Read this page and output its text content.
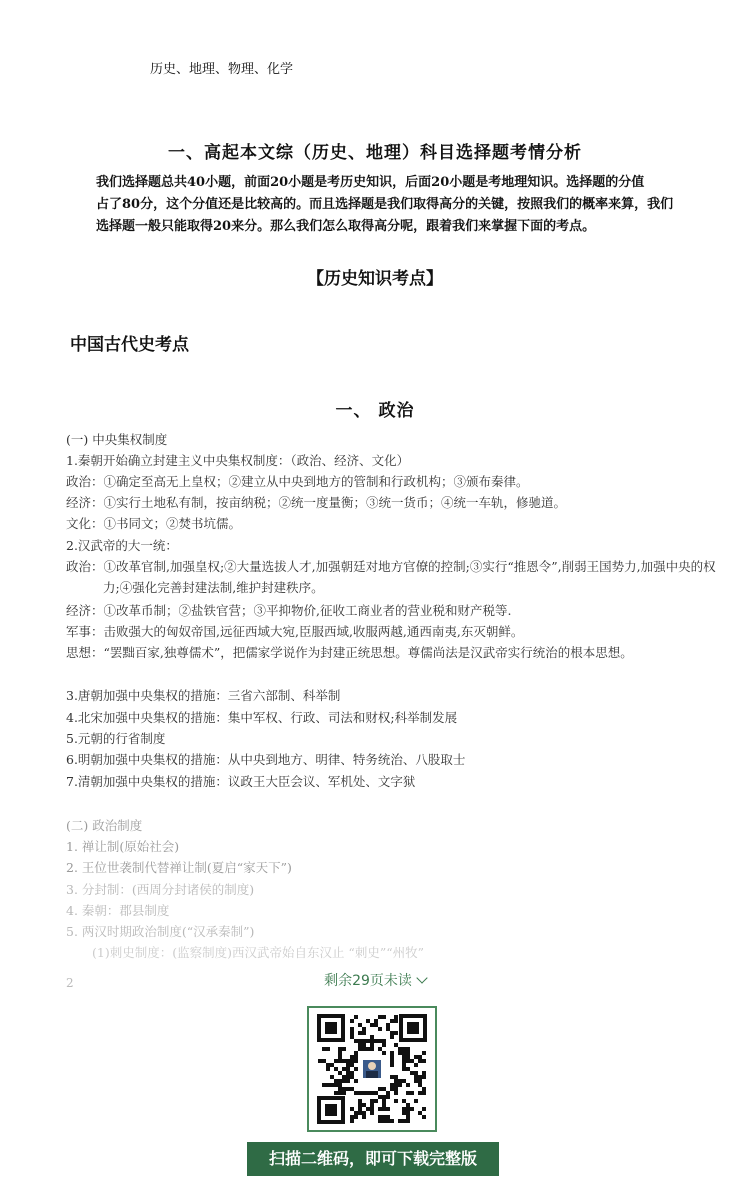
历史、地理、物理、化学
一、高起本文综（历史、地理）科目选择题考情分析

我们选择题总共40小题，前面20小题是考历史知识，后面20小题是考地理知识。选择题的分值

占了80分，这个分值还是比较高的。而且选择题是我们取得高分的关键，按照我们的概率来算，我们

选择题一般只能取得20来分。那么我们怎么取得高分呢，跟着我们来掌握下面的考点。

【历史知识考点】
中国古代史考点
一、 政治
(一) 中央集权制度
1.秦朝开始确立封建主义中央集权制度：（政治、经济、文化）
政治：①确定至高无上皇权；②建立从中央到地方的管制和行政机构；③颁布秦律。
经济：①实行土地私有制，按亩纳税；②统一度量衡；③统一货币；④统一车轨，修驰道。
文化：①书同文；②焚书坑儒。
2.汉武帝的大一统：
政治：①改革官制,加强皇权;②大量选拔人才,加强朝廷对地方官僚的控制;③实行“推恩令”,削弱王国势力,加强中央的权力;④强化完善封建法制,维护封建秩序。
经济：①改革币制；②盐铁官营；③平抑物价,征收工商业者的营业税和财产税等.
军事：击败强大的匈奴帝国,远征西域大宛,臣服西域,收服两越,通西南夷,东灭朝鲜。
思想：“罢黜百家,独尊儒术”，把儒家学说作为封建正统思想。尊儒尚法是汉武帝实行统治的根本思想。
3.唐朝加强中央集权的措施：三省六部制、科举制
4.北宋加强中央集权的措施：集中军权、行政、司法和财权;科举制发展
5.元朝的行省制度
6.明朝加强中央集权的措施：从中央到地方、明律、特务统治、八股取士
7.清朝加强中央集权的措施：议政王大臣会议、军机处、文字狱
(二) 政治制度
1. 禅让制(原始社会)
2. 王位世袭制代替禅让制(夏启“家天下”)
3. 分封制：(西周分封诸侯的制度)
4. 秦朝：郡县制度
5. 两汉时期政治制度(“汉承秦制”)
(1)刺史制度：(监察制度)西汉武帝始自东汉止 “刺史”“州牧”
2	剩余29页未读
扫描二维码，即可下载完整版
